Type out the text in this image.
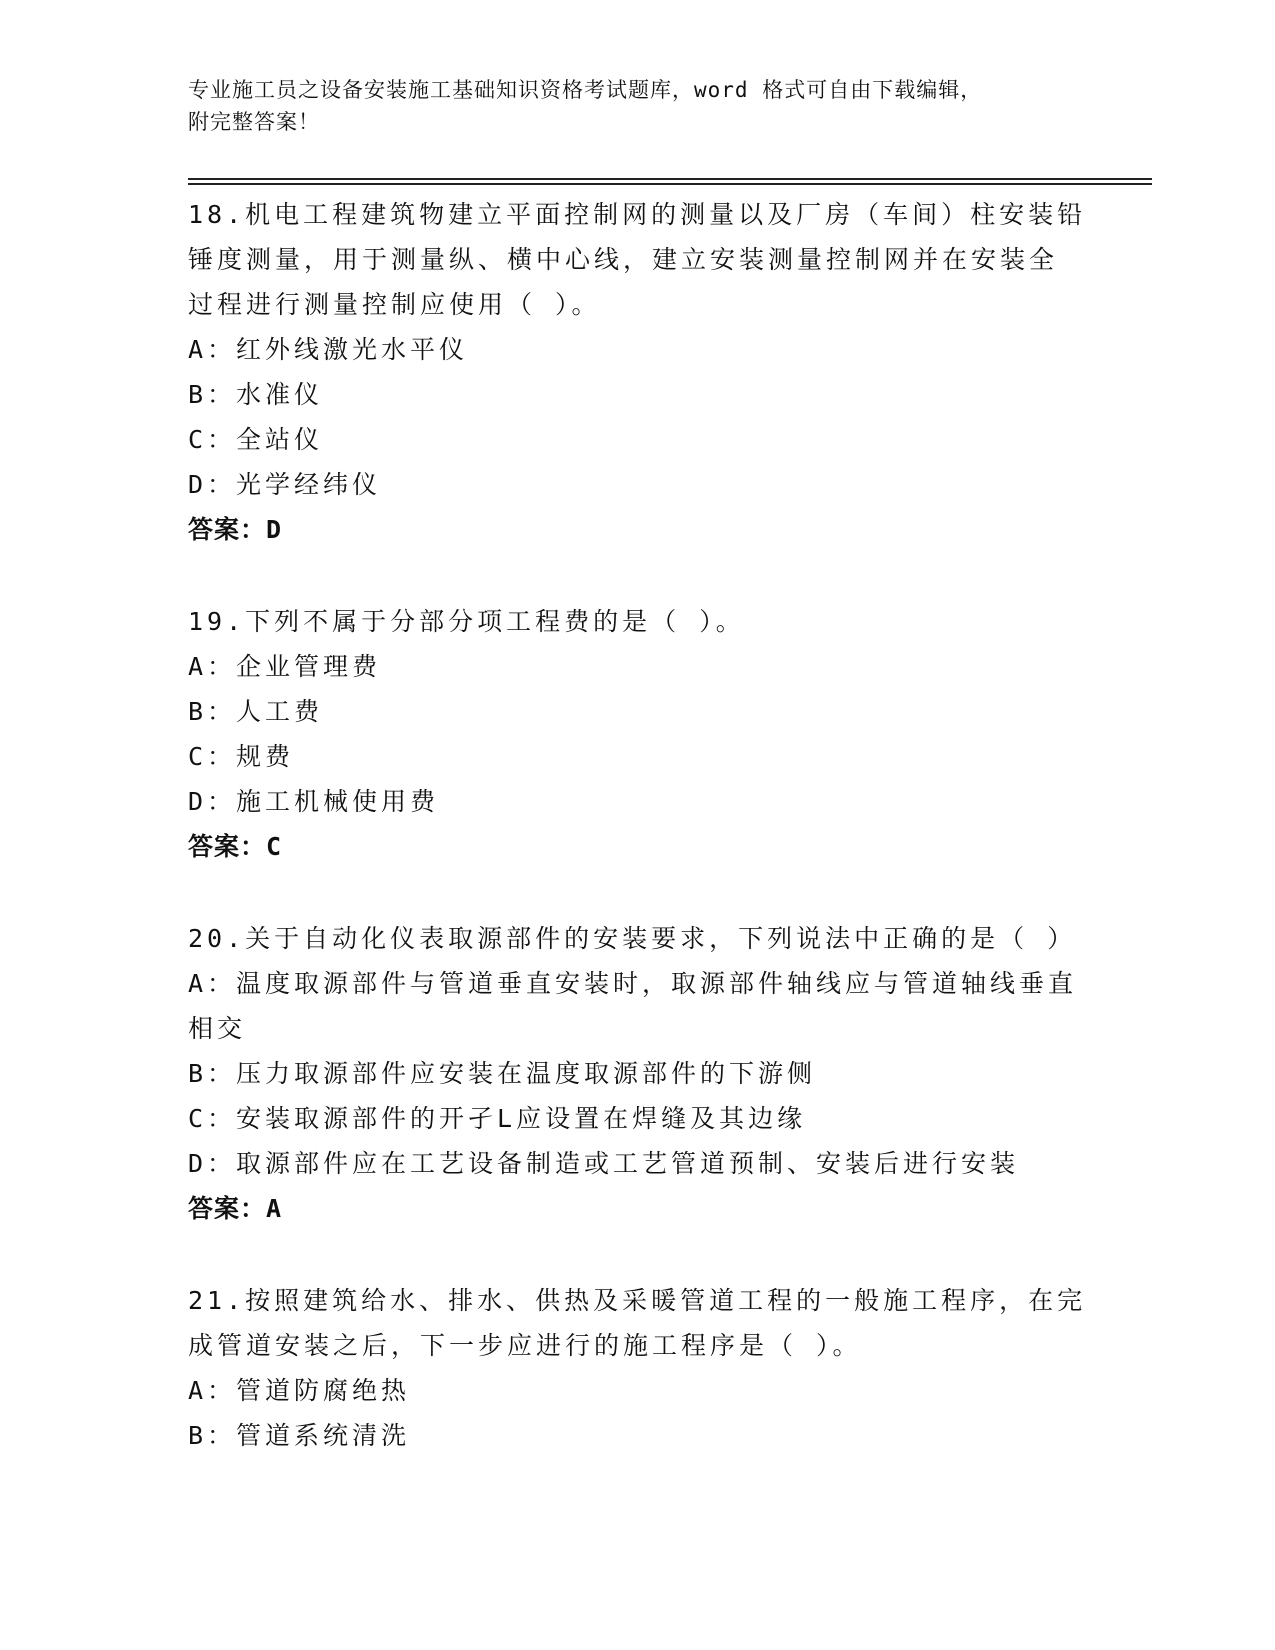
专业施工员之设备安装施工基础知识资格考试题库，word 格式可自由下载编辑，
附完整答案！
18.机电工程建筑物建立平面控制网的测量以及厂房（车间）柱安装铅
锤度测量，用于测量纵、横中心线，建立安装测量控制网并在安装全
过程进行测量控制应使用（ ）。
A：红外线激光水平仪
B：水准仪
C：全站仪
D：光学经纬仪
答案：D
19.下列不属于分部分项工程费的是（ ）。
A：企业管理费
B：人工费
C：规费
D：施工机械使用费
答案：C
20.关于自动化仪表取源部件的安装要求，下列说法中正确的是（ ）
A：温度取源部件与管道垂直安装时，取源部件轴线应与管道轴线垂直
相交
B：压力取源部件应安装在温度取源部件的下游侧
C：安装取源部件的开孑L应设置在焊缝及其边缘
D：取源部件应在工艺设备制造或工艺管道预制、安装后进行安装
答案：A
21.按照建筑给水、排水、供热及采暖管道工程的一般施工程序，在完
成管道安装之后，下一步应进行的施工程序是（ ）。
A：管道防腐绝热
B：管道系统清洗
